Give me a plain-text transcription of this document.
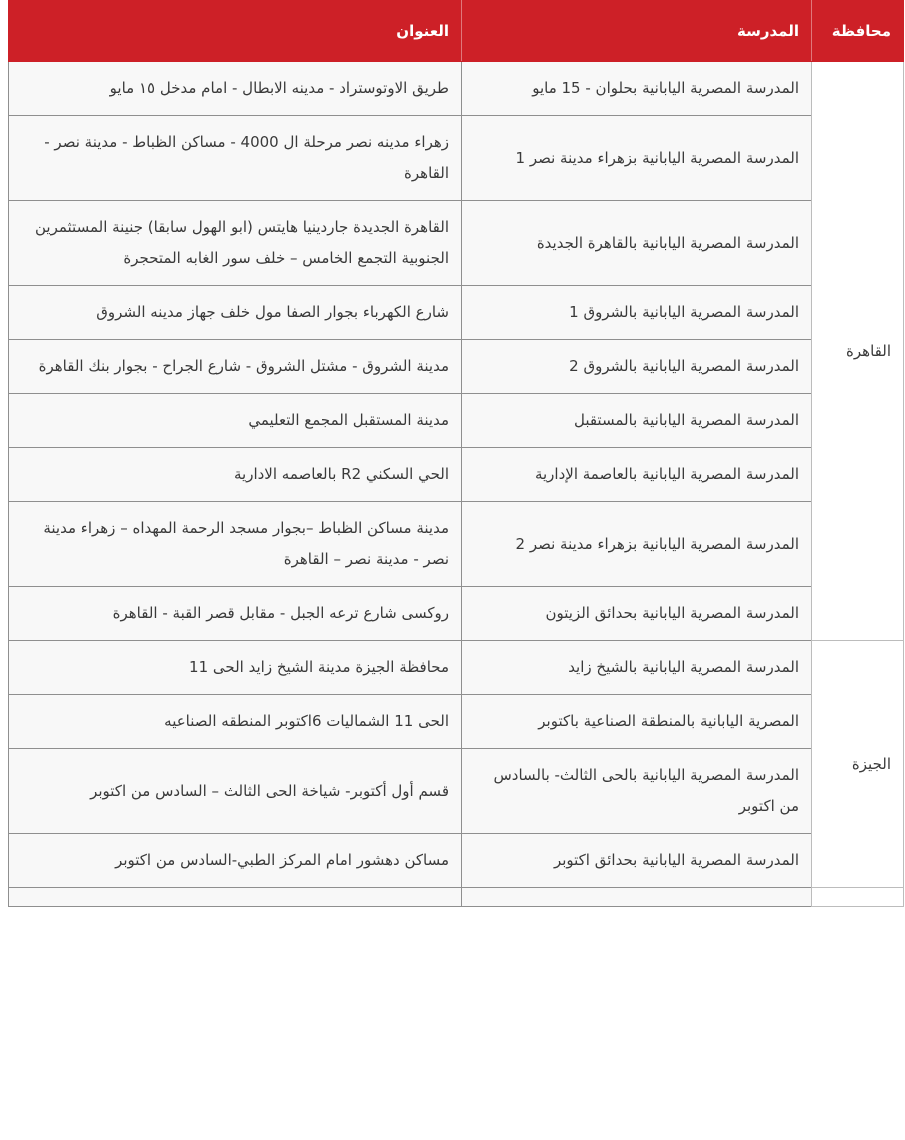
محافظة	المدرسة	العنوان
القاهرة	المدرسة المصرية اليابانية بحلوان - 15 مايو	طريق الاوتوستراد - مدينه الابطال - امام مدخل ١٥ مايو
	المدرسة المصرية اليابانية بزهراء مدينة نصر 1	زهراء مدينه نصر مرحلة ال 4000 - مساكن الظباط - مدينة نصر - القاهرة
	المدرسة المصرية اليابانية بالقاهرة الجديدة	القاهرة الجديدة جاردينيا هايتس (ابو الهول سابقا) جنينة المستثمرين الجنوبية التجمع الخامس – خلف سور الغابه المتحجرة
	المدرسة المصرية اليابانية بالشروق 1	شارع الكهرباء بجوار الصفا مول خلف جهاز مدينه الشروق
	المدرسة المصرية اليابانية بالشروق 2	مدينة الشروق - مشتل الشروق - شارع الجراح - بجوار بنك القاهرة
	المدرسة المصرية اليابانية بالمستقبل	مدينة المستقبل المجمع التعليمي
	المدرسة المصرية اليابانية بالعاصمة الإدارية	الحي السكني R2 بالعاصمه الادارية
	المدرسة المصرية اليابانية بزهراء مدينة نصر 2	مدينة مساكن الظباط –بجوار مسجد الرحمة المهداه – زهراء مدينة نصر - مدينة نصر – القاهرة
	المدرسة المصرية اليابانية بحدائق الزيتون	روكسى شارع ترعه الجبل - مقابل قصر القبة - القاهرة
الجيزة	المدرسة المصرية اليابانية بالشيخ زايد	محافظة الجيزة مدينة الشيخ زايد الحى 11
	المصرية اليابانية بالمنطقة الصناعية باكتوبر	الحى 11 الشماليات 6اكتوبر المنطقه الصناعيه
	المدرسة المصرية اليابانية بالحى الثالث- بالسادس من اكتوبر	قسم أول أكتوبر- شياخة الحى الثالث – السادس من اكتوبر
	المدرسة المصرية اليابانية بحدائق اكتوبر	مساكن دهشور امام المركز الطبي-السادس من اكتوبر
